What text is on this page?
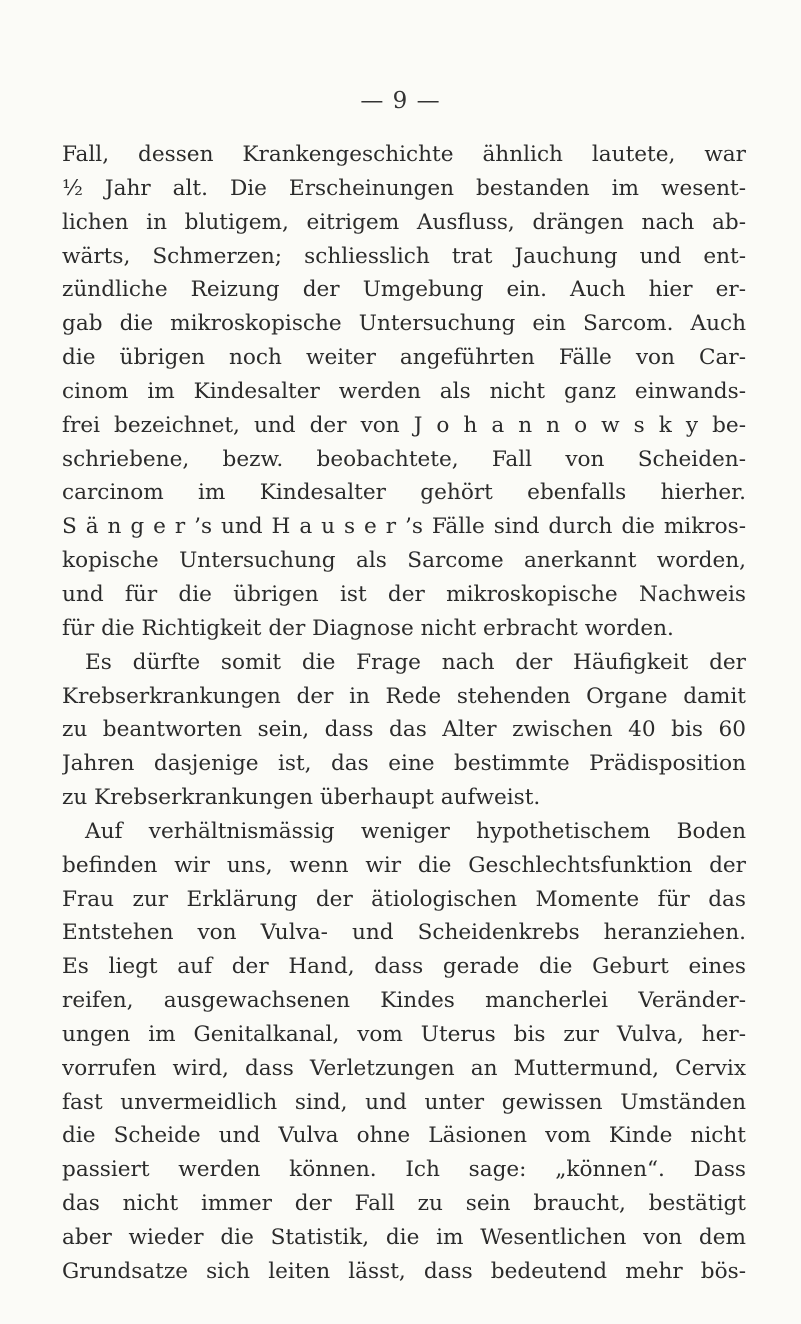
— 9 —
Fall, dessen Krankengeschichte ähnlich lautete, war
½ Jahr alt. Die Erscheinungen bestanden im wesent-
lichen in blutigem, eitrigem Ausfluss, drängen nach ab-
wärts, Schmerzen; schliesslich trat Jauchung und ent-
zündliche Reizung der Umgebung ein. Auch hier er-
gab die mikroskopische Untersuchung ein Sarcom. Auch
die übrigen noch weiter angeführten Fälle von Car-
cinom im Kindesalter werden als nicht ganz einwands-
frei bezeichnet, und der von J o h a n n o w s k y be-
schriebene, bezw. beobachtete, Fall von Scheiden-
carcinom im Kindesalter gehört ebenfalls hierher.
S ä n g e r ’s und H a u s e r ’s Fälle sind durch die mikros-
kopische Untersuchung als Sarcome anerkannt worden,
und für die übrigen ist der mikroskopische Nachweis
für die Richtigkeit der Diagnose nicht erbracht worden.
Es dürfte somit die Frage nach der Häufigkeit der
Krebserkrankungen der in Rede stehenden Organe damit
zu beantworten sein, dass das Alter zwischen 40 bis 60
Jahren dasjenige ist, das eine bestimmte Prädisposition
zu Krebserkrankungen überhaupt aufweist.
Auf verhältnismässig weniger hypothetischem Boden
befinden wir uns, wenn wir die Geschlechtsfunktion der
Frau zur Erklärung der ätiologischen Momente für das
Entstehen von Vulva- und Scheidenkrebs heranziehen.
Es liegt auf der Hand, dass gerade die Geburt eines
reifen, ausgewachsenen Kindes mancherlei Veränder-
ungen im Genitalkanal, vom Uterus bis zur Vulva, her-
vorrufen wird, dass Verletzungen an Muttermund, Cervix
fast unvermeidlich sind, und unter gewissen Umständen
die Scheide und Vulva ohne Läsionen vom Kinde nicht
passiert werden können. Ich sage: „können“. Dass
das nicht immer der Fall zu sein braucht, bestätigt
aber wieder die Statistik, die im Wesentlichen von dem
Grundsatze sich leiten lässt, dass bedeutend mehr bös-
